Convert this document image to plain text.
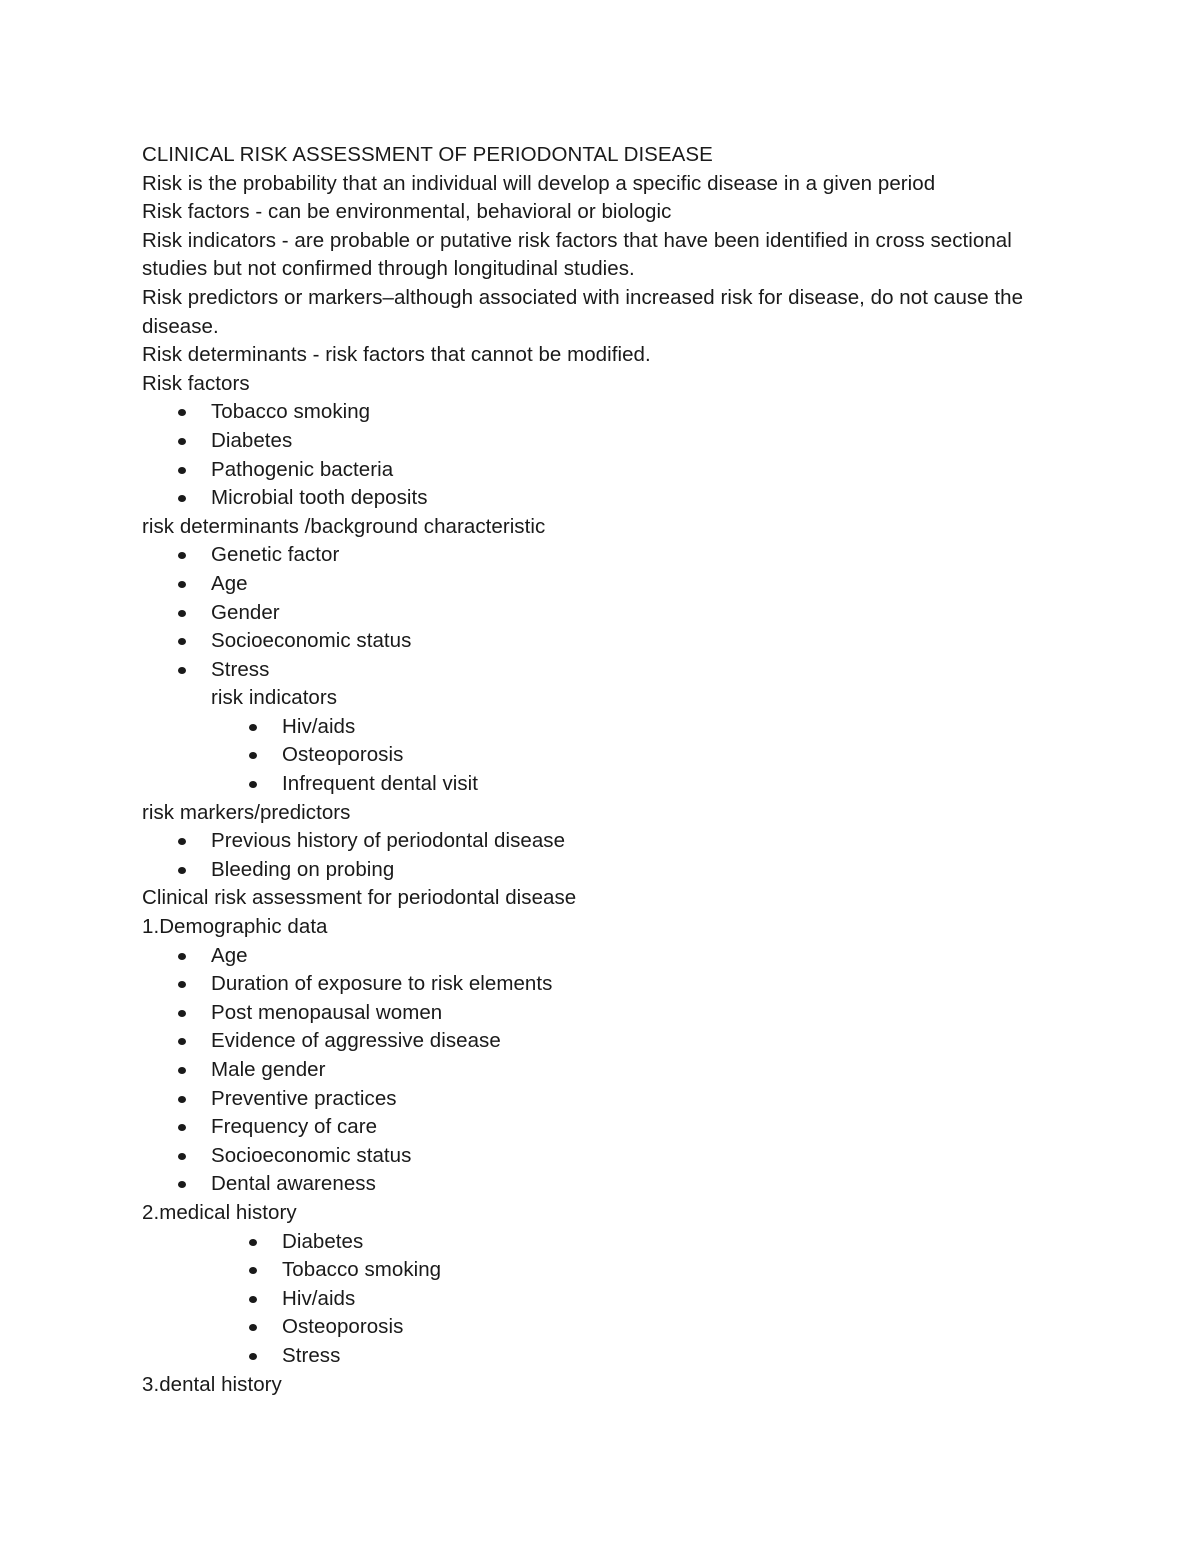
CLINICAL RISK ASSESSMENT OF PERIODONTAL DISEASE

Risk is the probability that an individual will develop a specific disease in a given period

Risk factors - can be environmental, behavioral or biologic

Risk indicators - are probable or putative risk factors that have been identified in cross sectional studies but not confirmed through longitudinal studies.

Risk predictors or markers–although associated with increased risk for disease, do not cause the disease.

Risk determinants - risk factors that cannot be modified.

Risk factors

Tobacco smoking
Diabetes
Pathogenic bacteria
Microbial tooth deposits

risk determinants /background characteristic

Genetic factor
Age
Gender
Socioeconomic status
Stress

risk indicators

Hiv/aids
Osteoporosis
Infrequent dental visit

risk markers/predictors

Previous history of periodontal disease
Bleeding on probing

Clinical risk assessment for periodontal disease

1.Demographic data

Age
Duration of exposure to risk elements
Post menopausal women
Evidence of aggressive disease
Male gender
Preventive practices
Frequency of care
Socioeconomic status
Dental awareness

2.medical history

Diabetes
Tobacco smoking
Hiv/aids
Osteoporosis
Stress

3.dental history
